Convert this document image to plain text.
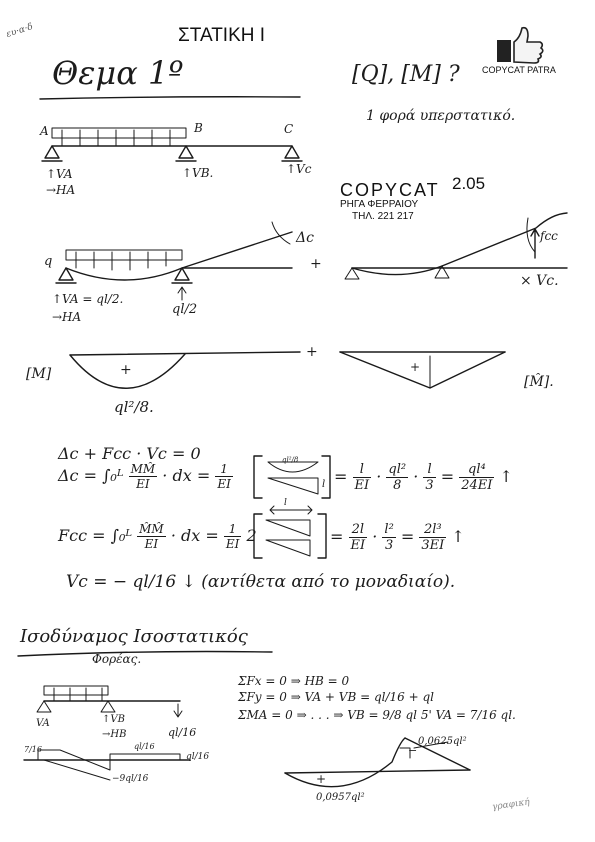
ευ·α·δ	ΣΤΑΤΙΚΗ Ι
COPYCAT PATRA
Θεμα 1º	[Q], [M] ?
1 φορά υπερστατικό.
COPYCAT
ΡΗΓΑ ΦΕΡΡΑΙΟΥ
ΤΗΛ. 221 217
2.05
A	B	C
↑VA
→HA
↑VB.	↑Vc
q
↑VA = ql/2.
→HA	ql/2
Δc
+
fcc
× Vc.
[M]	+
ql²/8.
+
+
[M̂].
Δc + Fcc · Vc = 0
Δc = ∫₀ᴸ $\frac{MM̂}{EI}$ · dx = $\frac{1}{EI}$
ql²/8
$l = \frac{l}{EI} \cdot \frac{\text{ql²}}{8} \cdot \frac{l}{3} = \frac{\text{ql⁴}}{24EI}$ ↑
Fcc = ∫₀ᴸ $\frac{M̂M̂}{EI}$ · dx = $\frac{1}{EI} 2$
l
= $\frac{2l}{EI} \cdot \frac{\text{l²}}{3} = \frac{\text{2l³}}{3EI}$ ↑
Vc = − ql/16 ↓ (αντίθετα από το μοναδιαίο).
Ισοδύναμος Ισοστατικός
Φορέας.
ΣFx = 0 ⇒ HB = 0
ΣFy = 0 ⇒ VA + VB = ql/16 + ql
ΣMA = 0 ⇒ . . . ⇒ VB = 9/8 ql 5' VA = 7/16 ql.
VA	↑VB
→HB	ql/16
7/16	ql/16
ql/16
−9ql/16
−
+
0,0625ql²
0,0957ql²	γραφική
